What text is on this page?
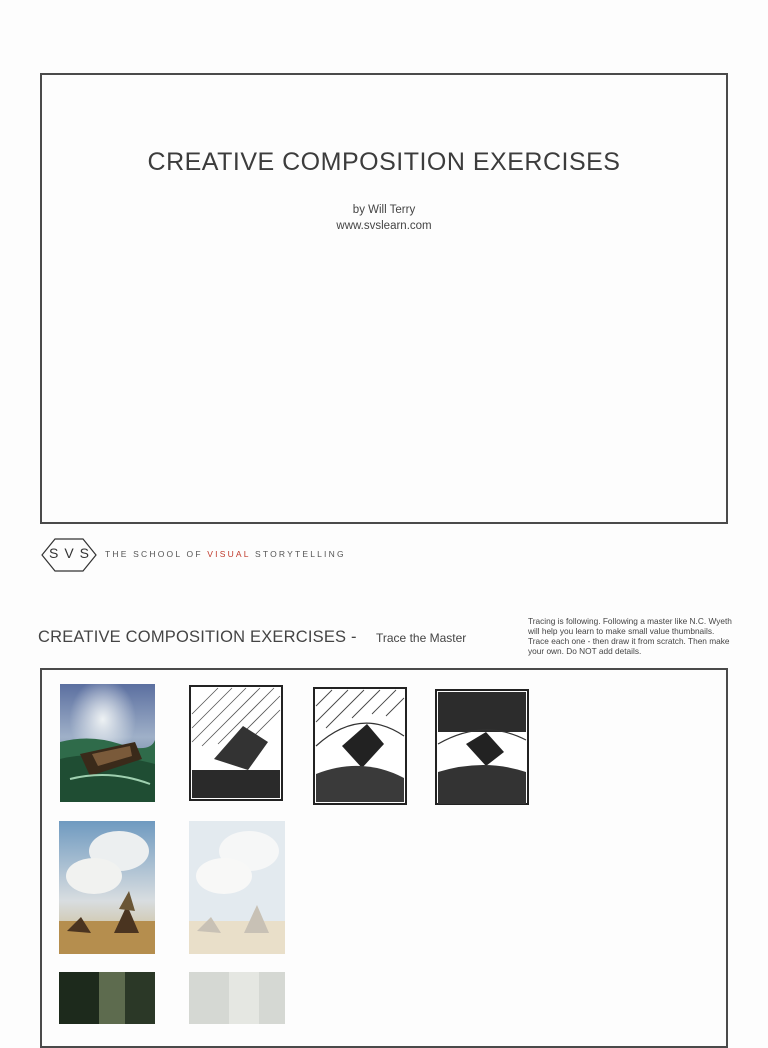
CREATIVE COMPOSITION EXERCISES
by Will Terry
www.svslearn.com
SVS THE SCHOOL OF VISUAL STORYTELLING
CREATIVE COMPOSITION EXERCISES - Trace the Master
Tracing is following. Following a master like N.C. Wyeth will help you learn to make small value thumbnails. Trace each one - then draw it from scratch. Then make your own. Do NOT add details.
